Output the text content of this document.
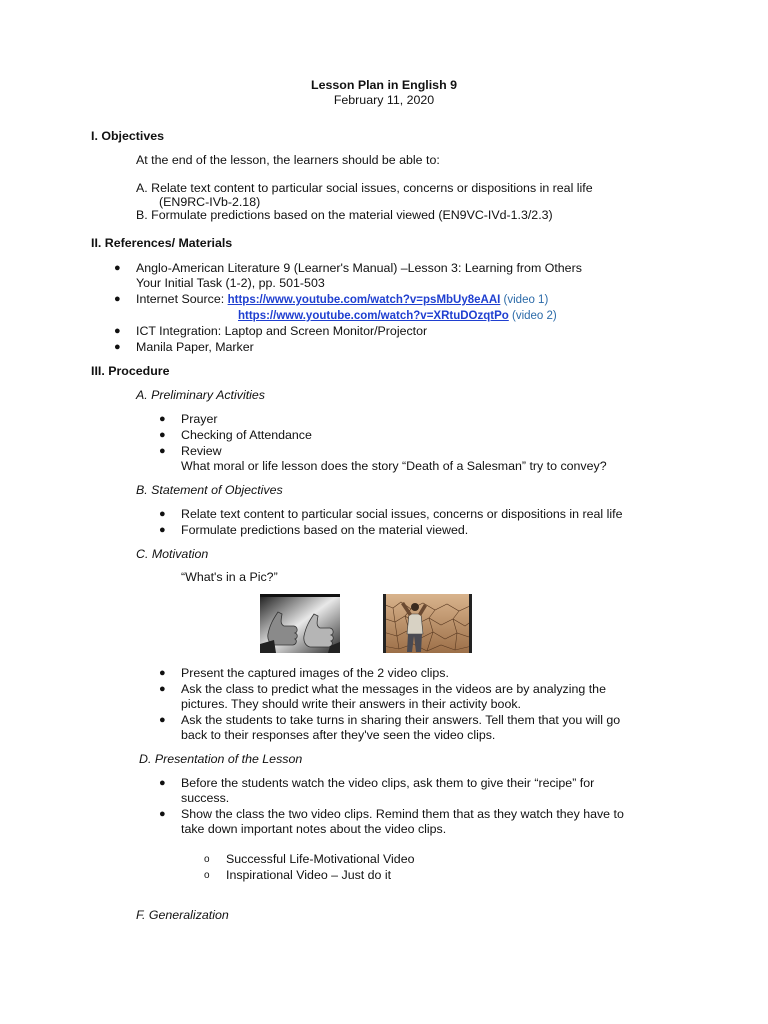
Lesson Plan in English 9
February 11, 2020
I. Objectives
At the end of the lesson, the learners should be able to:
A. Relate text content to particular social issues, concerns or dispositions in real life
(EN9RC-IVb-2.18)
B. Formulate predictions based on the material viewed (EN9VC-IVd-1.3/2.3)
II. References/ Materials
● Anglo-American Literature 9 (Learner's Manual) –Lesson 3: Learning from Others
Your Initial Task (1-2), pp. 501-503
● Internet Source: https://www.youtube.com/watch?v=psMbUy8eAAI (video 1)
https://www.youtube.com/watch?v=XRtuDOzqtPo (video 2)
● ICT Integration: Laptop and Screen Monitor/Projector
● Manila Paper, Marker
III. Procedure
A. Preliminary Activities
● Prayer
● Checking of Attendance
● Review
What moral or life lesson does the story “Death of a Salesman” try to convey?
B. Statement of Objectives
● Relate text content to particular social issues, concerns or dispositions in real life
● Formulate predictions based on the material viewed.
C. Motivation
“What's in a Pic?”
● Present the captured images of the 2 video clips.
● Ask the class to predict what the messages in the videos are by analyzing the
pictures. They should write their answers in their activity book.
● Ask the students to take turns in sharing their answers. Tell them that you will go
back to their responses after they've seen the video clips.
D. Presentation of the Lesson
● Before the students watch the video clips, ask them to give their “recipe” for
success.
● Show the class the two video clips. Remind them that as they watch they have to
take down important notes about the video clips.
o Successful Life-Motivational Video
o Inspirational Video – Just do it
F. Generalization
